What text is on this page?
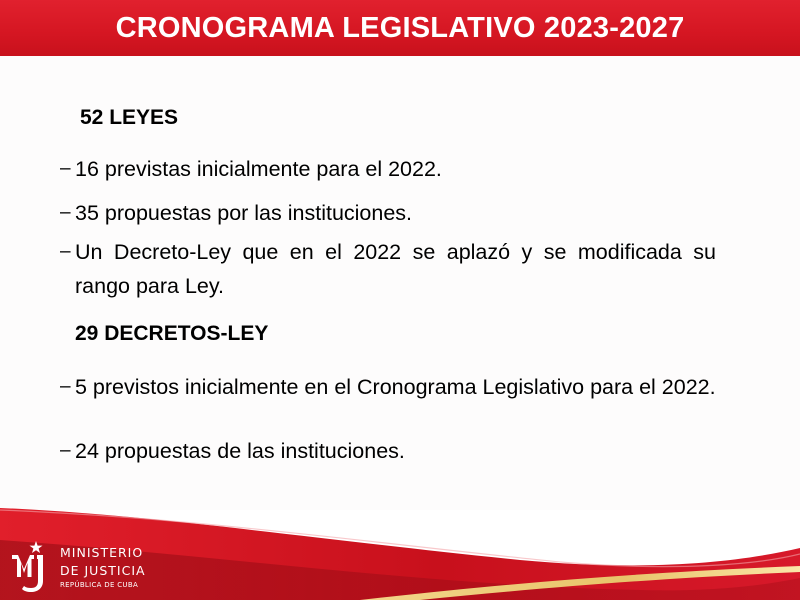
CRONOGRAMA LEGISLATIVO 2023-2027
52 LEYES
– 16 previstas inicialmente para el 2022.
– 35 propuestas por las instituciones.
– Un Decreto-Ley que en el 2022 se aplazó y se modificada su rango para Ley.
29 DECRETOS-LEY
– 5 previstos inicialmente en el Cronograma Legislativo para el 2022.
– 24 propuestas de las instituciones.
MINISTERIO
DE JUSTICIA
REPÚBLICA DE CUBA
